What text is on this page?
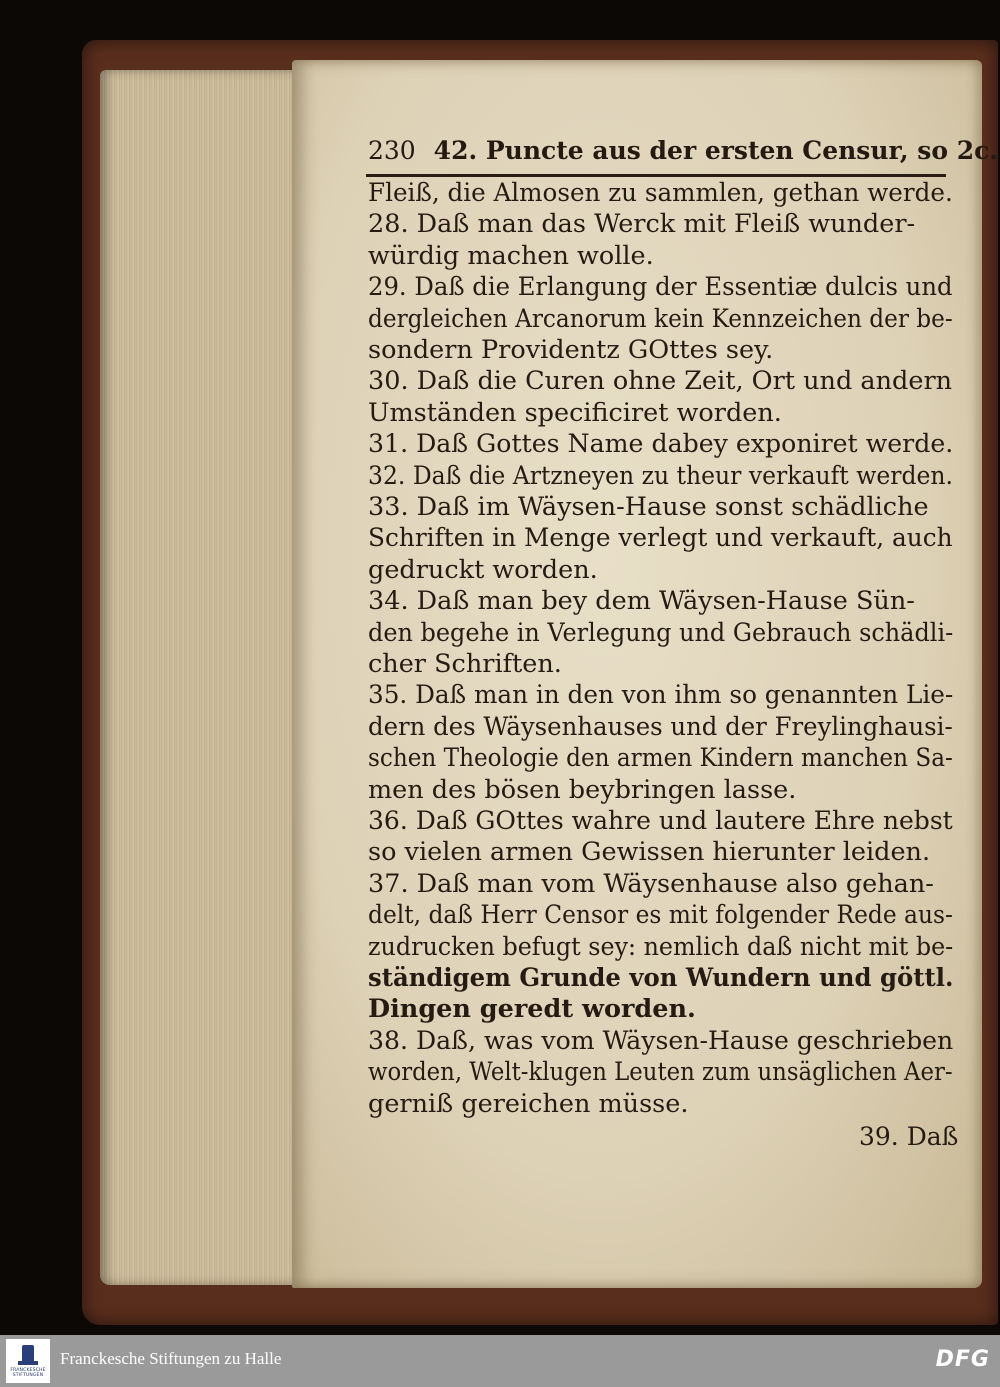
230 42. Puncte aus der ersten Censur, so 2c.
Fleiß, die Almosen zu sammlen, gethan werde.

28. Daß man das Werck mit Fleiß wunder-
würdig machen wolle.
29. Daß die Erlangung der Essentiæ dulcis und
dergleichen Arcanorum kein Kennzeichen der be-

sondern Providentz GOttes sey.
30. Daß die Curen ohne Zeit, Ort und andern
Umständen specificiret worden.
31. Daß Gottes Name dabey exponiret werde.
32. Daß die Artzneyen zu theur verkauft werden.

33. Daß im Wäysen-Hause sonst schädliche
Schriften in Menge verlegt und verkauft, auch

gedruckt worden.
34. Daß man bey dem Wäysen-Hause Sün-
den begehe in Verlegung und Gebrauch schädli-

cher Schriften.
35. Daß man in den von ihm so genannten Lie-
dern des Wäysenhauses und der Freylinghausi-
schen Theologie den armen Kindern manchen Sa-

men des bösen beybringen lasse.
36. Daß GOttes wahre und lautere Ehre nebst

so vielen armen Gewissen hierunter leiden.
37. Daß man vom Wäysenhause also gehan-
delt, daß Herr Censor es mit folgender Rede aus-
zudrucken befugt sey: nemlich daß nicht mit be-
ständigem Grunde von Wundern und göttl.

Dingen geredt worden.
38. Daß, was vom Wäysen-Hause geschrieben
worden, Welt-klugen Leuten zum unsäglichen Aer-

gerniß gereichen müsse.
39. Daß
FRANCKESCHE STIFTUNGEN
Franckesche Stiftungen zu Halle	DFG
